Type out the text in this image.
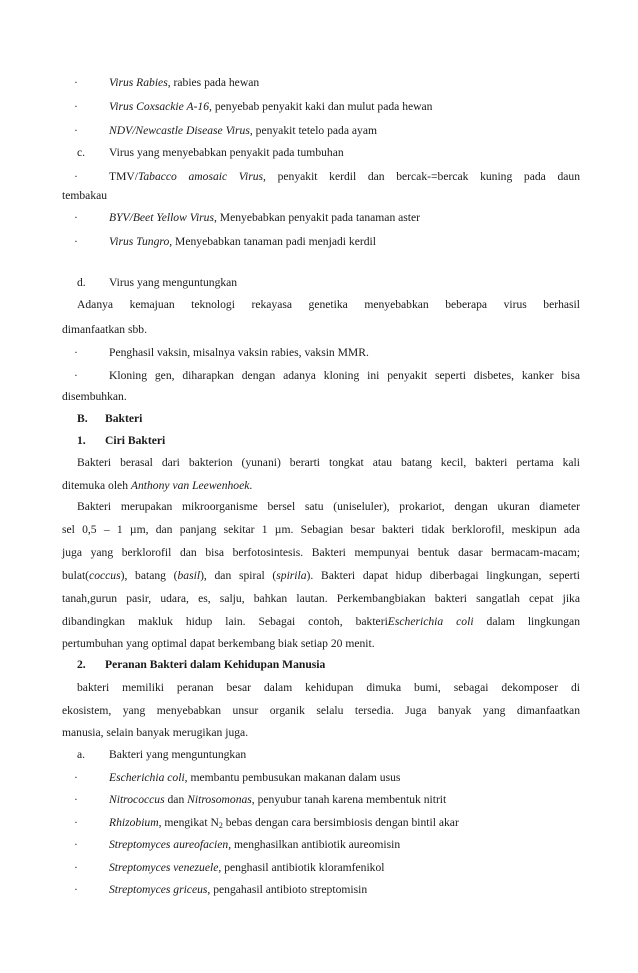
·	Virus Rabies, rabies pada hewan
·	Virus Coxsackie A-16, penyebab penyakit kaki dan mulut pada hewan
·	NDV/Newcastle Disease Virus, penyakit tetelo pada ayam
c. Virus yang menyebabkan penyakit pada tumbuhan
·	TMV/Tabacco amosaic Virus, penyakit kerdil dan bercak-=bercak kuning pada daun
tembakau
·	BYV/Beet Yellow Virus, Menyebabkan penyakit pada tanaman aster
·	Virus Tungro, Menyebabkan tanaman padi menjadi kerdil
d. Virus yang menguntungkan
Adanya kemajuan teknologi rekayasa genetika menyebabkan beberapa virus berhasil
dimanfaatkan sbb.
·	Penghasil vaksin, misalnya vaksin rabies, vaksin MMR.
·	Kloning gen, diharapkan dengan adanya kloning ini penyakit seperti disbetes, kanker bisa
disembuhkan.
B. Bakteri
1. Ciri Bakteri
Bakteri berasal dari bakterion (yunani) berarti tongkat atau batang kecil, bakteri pertama kali
ditemuka oleh Anthony van Leewenhoek.
Bakteri merupakan mikroorganisme bersel satu (uniseluler), prokariot, dengan ukuran diameter
sel 0,5 – 1 µm, dan panjang sekitar 1 µm. Sebagian besar bakteri tidak berklorofil, meskipun ada
juga yang berklorofil dan bisa berfotosintesis. Bakteri mempunyai bentuk dasar bermacam-macam;
bulat(coccus), batang (basil), dan spiral (spirila). Bakteri dapat hidup diberbagai lingkungan, seperti
tanah,gurun pasir, udara, es, salju, bahkan lautan. Perkembangbiakan bakteri sangatlah cepat jika
dibandingkan makluk hidup lain. Sebagai contoh, bakteriEscherichia coli dalam lingkungan
pertumbuhan yang optimal dapat berkembang biak setiap 20 menit.
2. Peranan Bakteri dalam Kehidupan Manusia
bakteri memiliki peranan besar dalam kehidupan dimuka bumi, sebagai dekomposer di
ekosistem, yang menyebabkan unsur organik selalu tersedia. Juga banyak yang dimanfaatkan
manusia, selain banyak merugikan juga.
a. Bakteri yang menguntungkan
·	Escherichia coli, membantu pembusukan makanan dalam usus
·	Nitrococcus dan Nitrosomonas, penyubur tanah karena membentuk nitrit
·	Rhizobium, mengikat $N_2$ bebas dengan cara bersimbiosis dengan bintil akar
·	Streptomyces aureofacien, menghasilkan antibiotik aureomisin
·	Streptomyces venezuele, penghasil antibiotik kloramfenikol
·	Streptomyces griceus, pengahasil antibioto streptomisin
